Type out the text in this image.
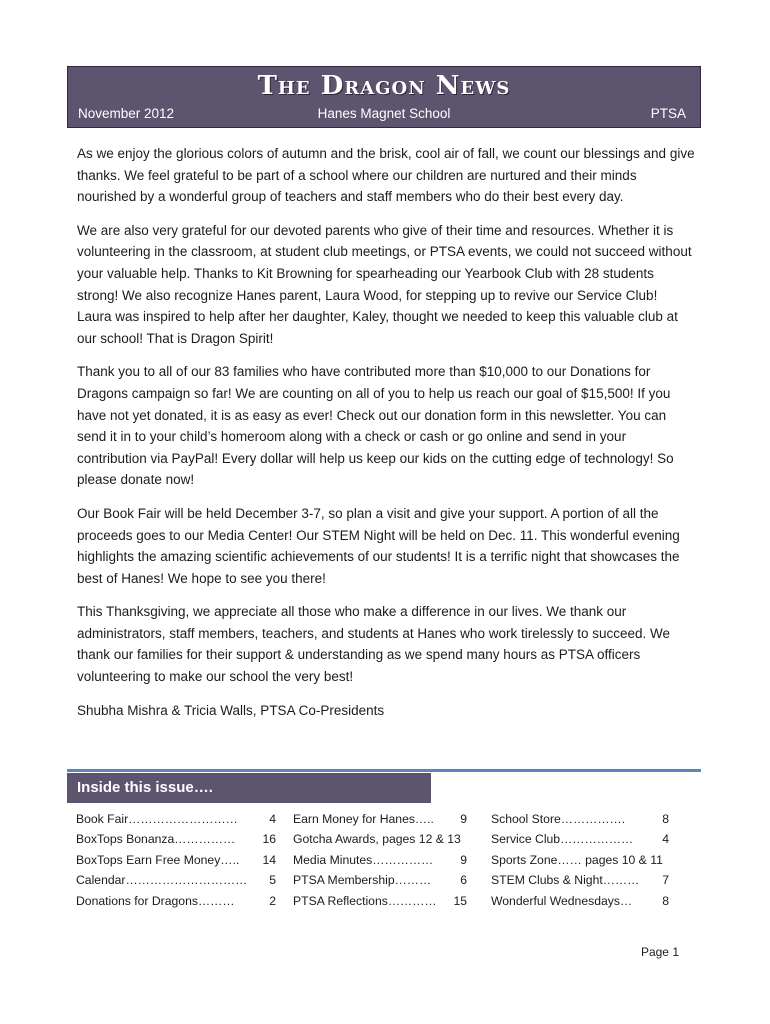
The Dragon News
November 2012	Hanes Magnet School	PTSA

As we enjoy the glorious colors of autumn and the brisk, cool air of fall, we count our blessings and give thanks. We feel grateful to be part of a school where our children are nurtured and their minds nourished by a wonderful group of teachers and staff members who do their best every day.

We are also very grateful for our devoted parents who give of their time and resources. Whether it is volunteering in the classroom, at student club meetings, or PTSA events, we could not succeed without your valuable help. Thanks to Kit Browning for spearheading our Yearbook Club with 28 students strong! We also recognize Hanes parent, Laura Wood, for stepping up to revive our Service Club! Laura was inspired to help after her daughter, Kaley, thought we needed to keep this valuable club at our school! That is Dragon Spirit!

Thank you to all of our 83 families who have contributed more than $10,000 to our Donations for Dragons campaign so far! We are counting on all of you to help us reach our goal of $15,500! If you have not yet donated, it is as easy as ever! Check out our donation form in this newsletter. You can send it in to your child’s homeroom along with a check or cash or go online and send in your contribution via PayPal! Every dollar will help us keep our kids on the cutting edge of technology! So please donate now!

Our Book Fair will be held December 3-7, so plan a visit and give your support. A portion of all the proceeds goes to our Media Center! Our STEM Night will be held on Dec. 11. This wonderful evening highlights the amazing scientific achievements of our students! It is a terrific night that showcases the best of Hanes! We hope to see you there!

This Thanksgiving, we appreciate all those who make a difference in our lives. We thank our administrators, staff members, teachers, and students at Hanes who work tirelessly to succeed. We thank our families for their support & understanding as we spend many hours as PTSA officers volunteering to make our school the very best!

Shubha Mishra & Tricia Walls, PTSA Co-Presidents

Inside this issue….
Book Fair………………………	4
BoxTops Bonanza…………… 16
BoxTops Earn Free Money….. 14
Calendar………………………… 5
Donations for Dragons………	2
Earn Money for Hanes….. 9
Gotcha Awards, pages 12 & 13
Media Minutes…………… 9
PTSA Membership……… 6
PTSA Reflections………… 15
School Store…………….	8
Service Club……………… 4
Sports Zone…… pages 10 & 11
STEM Clubs & Night……… 7
Wonderful Wednesdays… 8
Page 1
